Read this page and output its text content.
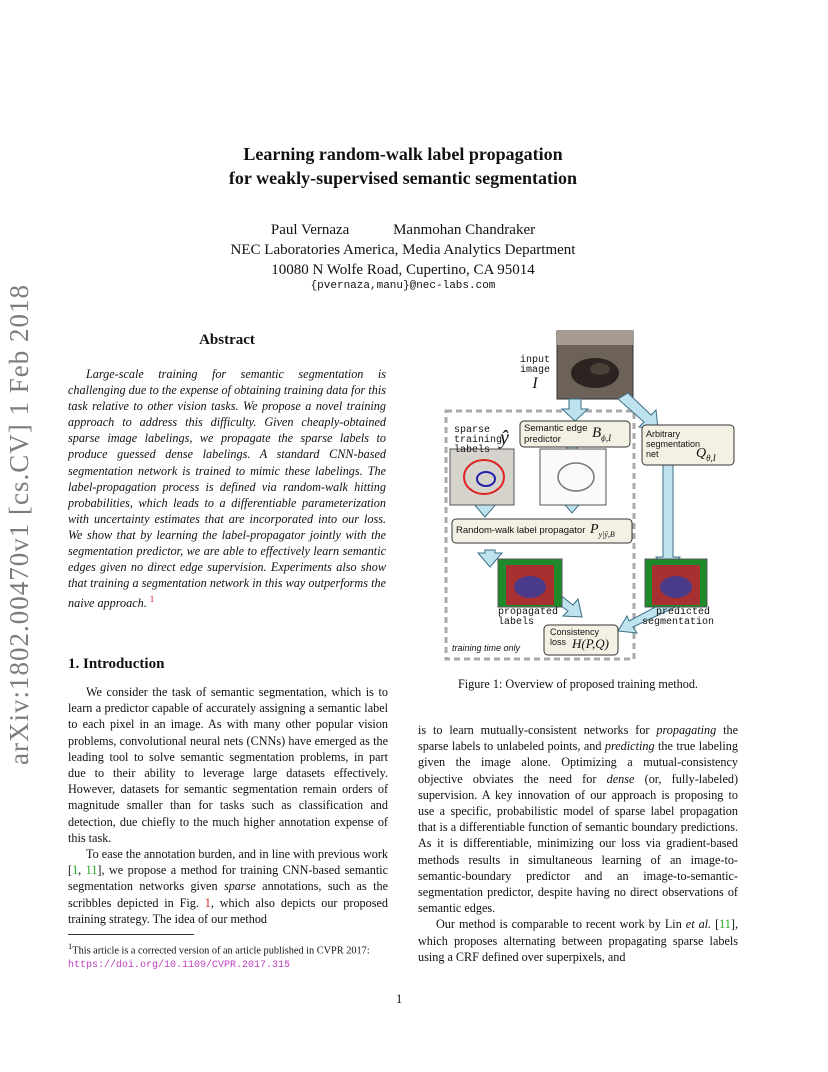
Learning random-walk label propagation
for weakly-supervised semantic segmentation
Paul Vernaza	Manmohan Chandraker
NEC Laboratories America, Media Analytics Department
10080 N Wolfe Road, Cupertino, CA 95014
{pvernaza,manu}@nec-labs.com
arXiv:1802.00470v1 [cs.CV] 1 Feb 2018	Abstract
Large-scale training for semantic segmentation is challenging due to the expense of obtaining training data for this task relative to other vision tasks. We propose a novel training approach to address this difficulty. Given cheaply-obtained sparse image labelings, we propagate the sparse labels to produce guessed dense labelings. A standard CNN-based segmentation network is trained to mimic these labelings. The label-propagation process is defined via random-walk hitting probabilities, which leads to a differentiable parameterization with uncertainty estimates that are incorporated into our loss. We show that by learning the label-propagator jointly with the segmentation predictor, we are able to effectively learn semantic edges given no direct edge supervision. Experiments also show that training a segmentation network in this way outperforms the naive approach. $^1$
1. Introduction

We consider the task of semantic segmentation, which is to learn a predictor capable of accurately assigning a semantic label to each pixel in an image. As with many other popular vision problems, convolutional neural nets (CNNs) have emerged as the leading tool to solve semantic segmentation problems, in part due to their ability to leverage large datasets effectively. However, datasets for semantic segmentation remain orders of magnitude smaller than for tasks such as classification and detection, due chiefly to the much higher annotation expense of this task.

To ease the annotation burden, and in line with previous work [1, 11], we propose a method for training CNN-based semantic segmentation networks given sparse annotations, such as the scribbles depicted in Fig. 1, which also depicts our proposed training strategy. The idea of our method

$^1$This article is a corrected version of an article published in CVPR 2017: https://doi.org/10.1109/CVPR.2017.315

is to learn mutually-consistent networks for propagating the sparse labels to unlabeled points, and predicting the true labeling given the image alone. Optimizing a mutual-consistency objective obviates the need for dense (or, fully-labeled) supervision. A key innovation of our approach is proposing to use a specific, probabilistic model of sparse label propagation that is a differentiable function of semantic boundary predictions. As it is differentiable, minimizing our loss via gradient-based methods results in simultaneous learning of an image-to-semantic-boundary predictor and an image-to-semantic-segmentation predictor, despite having no direct observations of semantic edges.

Our method is comparable to recent work by Lin et al. [11], which proposes alternating between propagating sparse labels using a CRF defined over superpixels, and

input
image
I
sparse
training
labels
ŷ Semantic edge
predictor	$B_{\phi,I}$	Arbitrary
segmentation
net	$Q_{\theta,I}$
Random-walk label propagator $P_{y|ŷ,B}$
propagated
labels
predicted
segmentation
Consistency
loss H(P,Q)
training time only
Figure 1: Overview of proposed training method.
1
